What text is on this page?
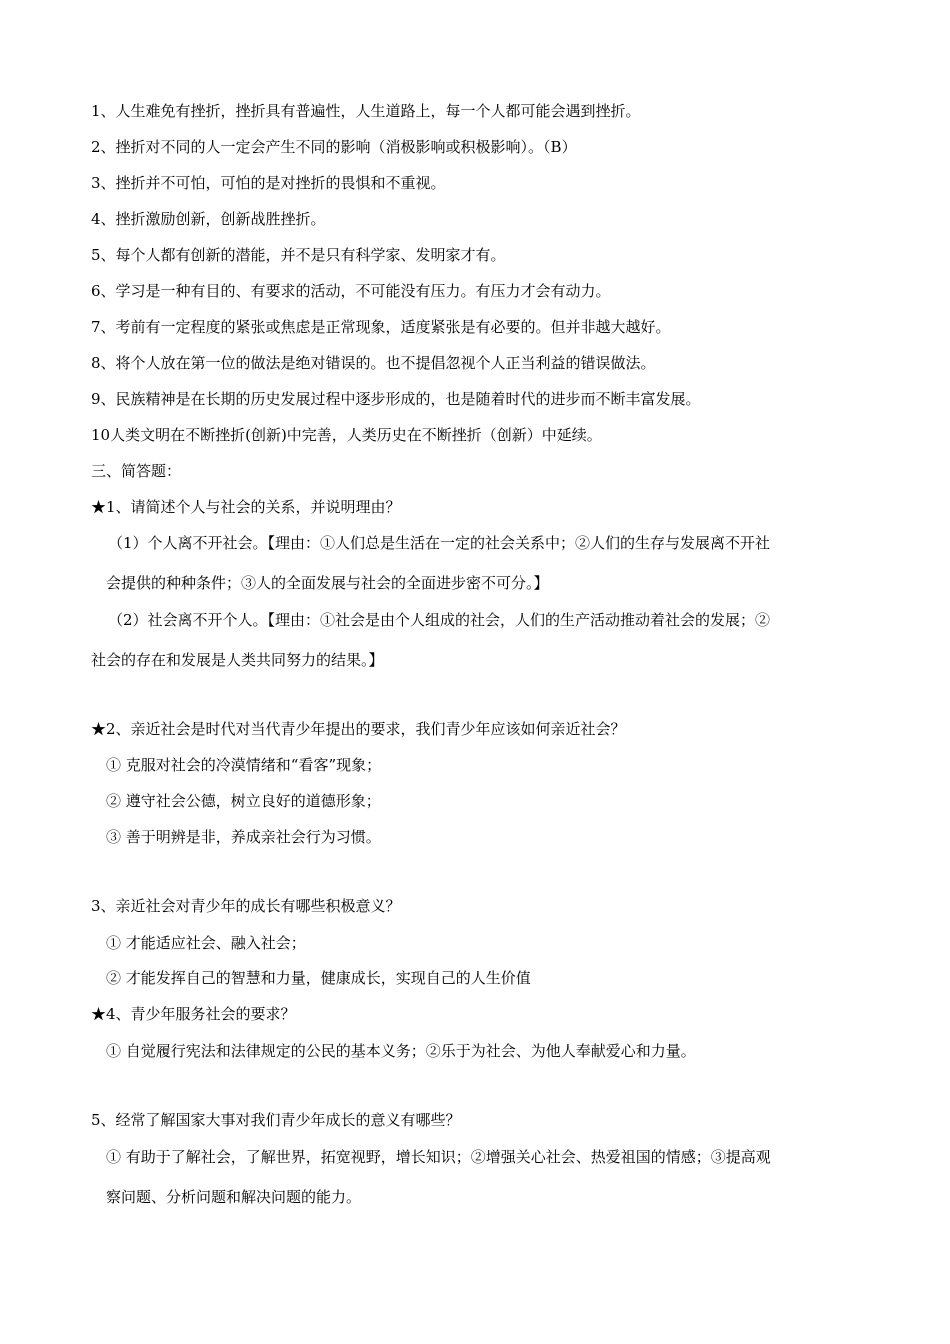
1、人生难免有挫折，挫折具有普遍性，人生道路上，每一个人都可能会遇到挫折。
2、挫折对不同的人一定会产生不同的影响（消极影响或积极影响）。（B）
3、挫折并不可怕，可怕的是对挫折的畏惧和不重视。
4、挫折激励创新，创新战胜挫折。
5、每个人都有创新的潜能，并不是只有科学家、发明家才有。
6、学习是一种有目的、有要求的活动，不可能没有压力。有压力才会有动力。
7、考前有一定程度的紧张或焦虑是正常现象，适度紧张是有必要的。但并非越大越好。
8、将个人放在第一位的做法是绝对错误的。也不提倡忽视个人正当利益的错误做法。
9、民族精神是在长期的历史发展过程中逐步形成的，也是随着时代的进步而不断丰富发展。
10人类文明在不断挫折(创新)中完善，人类历史在不断挫折（创新）中延续。
三、简答题：
★1、请简述个人与社会的关系，并说明理由？
（1）个人离不开社会。【理由：①人们总是生活在一定的社会关系中；②人们的生存与发展离不开社
会提供的种种条件；③人的全面发展与社会的全面进步密不可分。】
（2）社会离不开个人。【理由：①社会是由个人组成的社会，人们的生产活动推动着社会的发展；②
社会的存在和发展是人类共同努力的结果。】
★2、亲近社会是时代对当代青少年提出的要求，我们青少年应该如何亲近社会？
① 克服对社会的冷漠情绪和“看客”现象；
② 遵守社会公德，树立良好的道德形象；
③ 善于明辨是非，养成亲社会行为习惯。
3、亲近社会对青少年的成长有哪些积极意义？
① 才能适应社会、融入社会；
② 才能发挥自己的智慧和力量，健康成长，实现自己的人生价值
★4、青少年服务社会的要求？
① 自觉履行宪法和法律规定的公民的基本义务；②乐于为社会、为他人奉献爱心和力量。
5、经常了解国家大事对我们青少年成长的意义有哪些？
① 有助于了解社会，了解世界，拓宽视野，增长知识；②增强关心社会、热爱祖国的情感；③提高观
察问题、分析问题和解决问题的能力。
